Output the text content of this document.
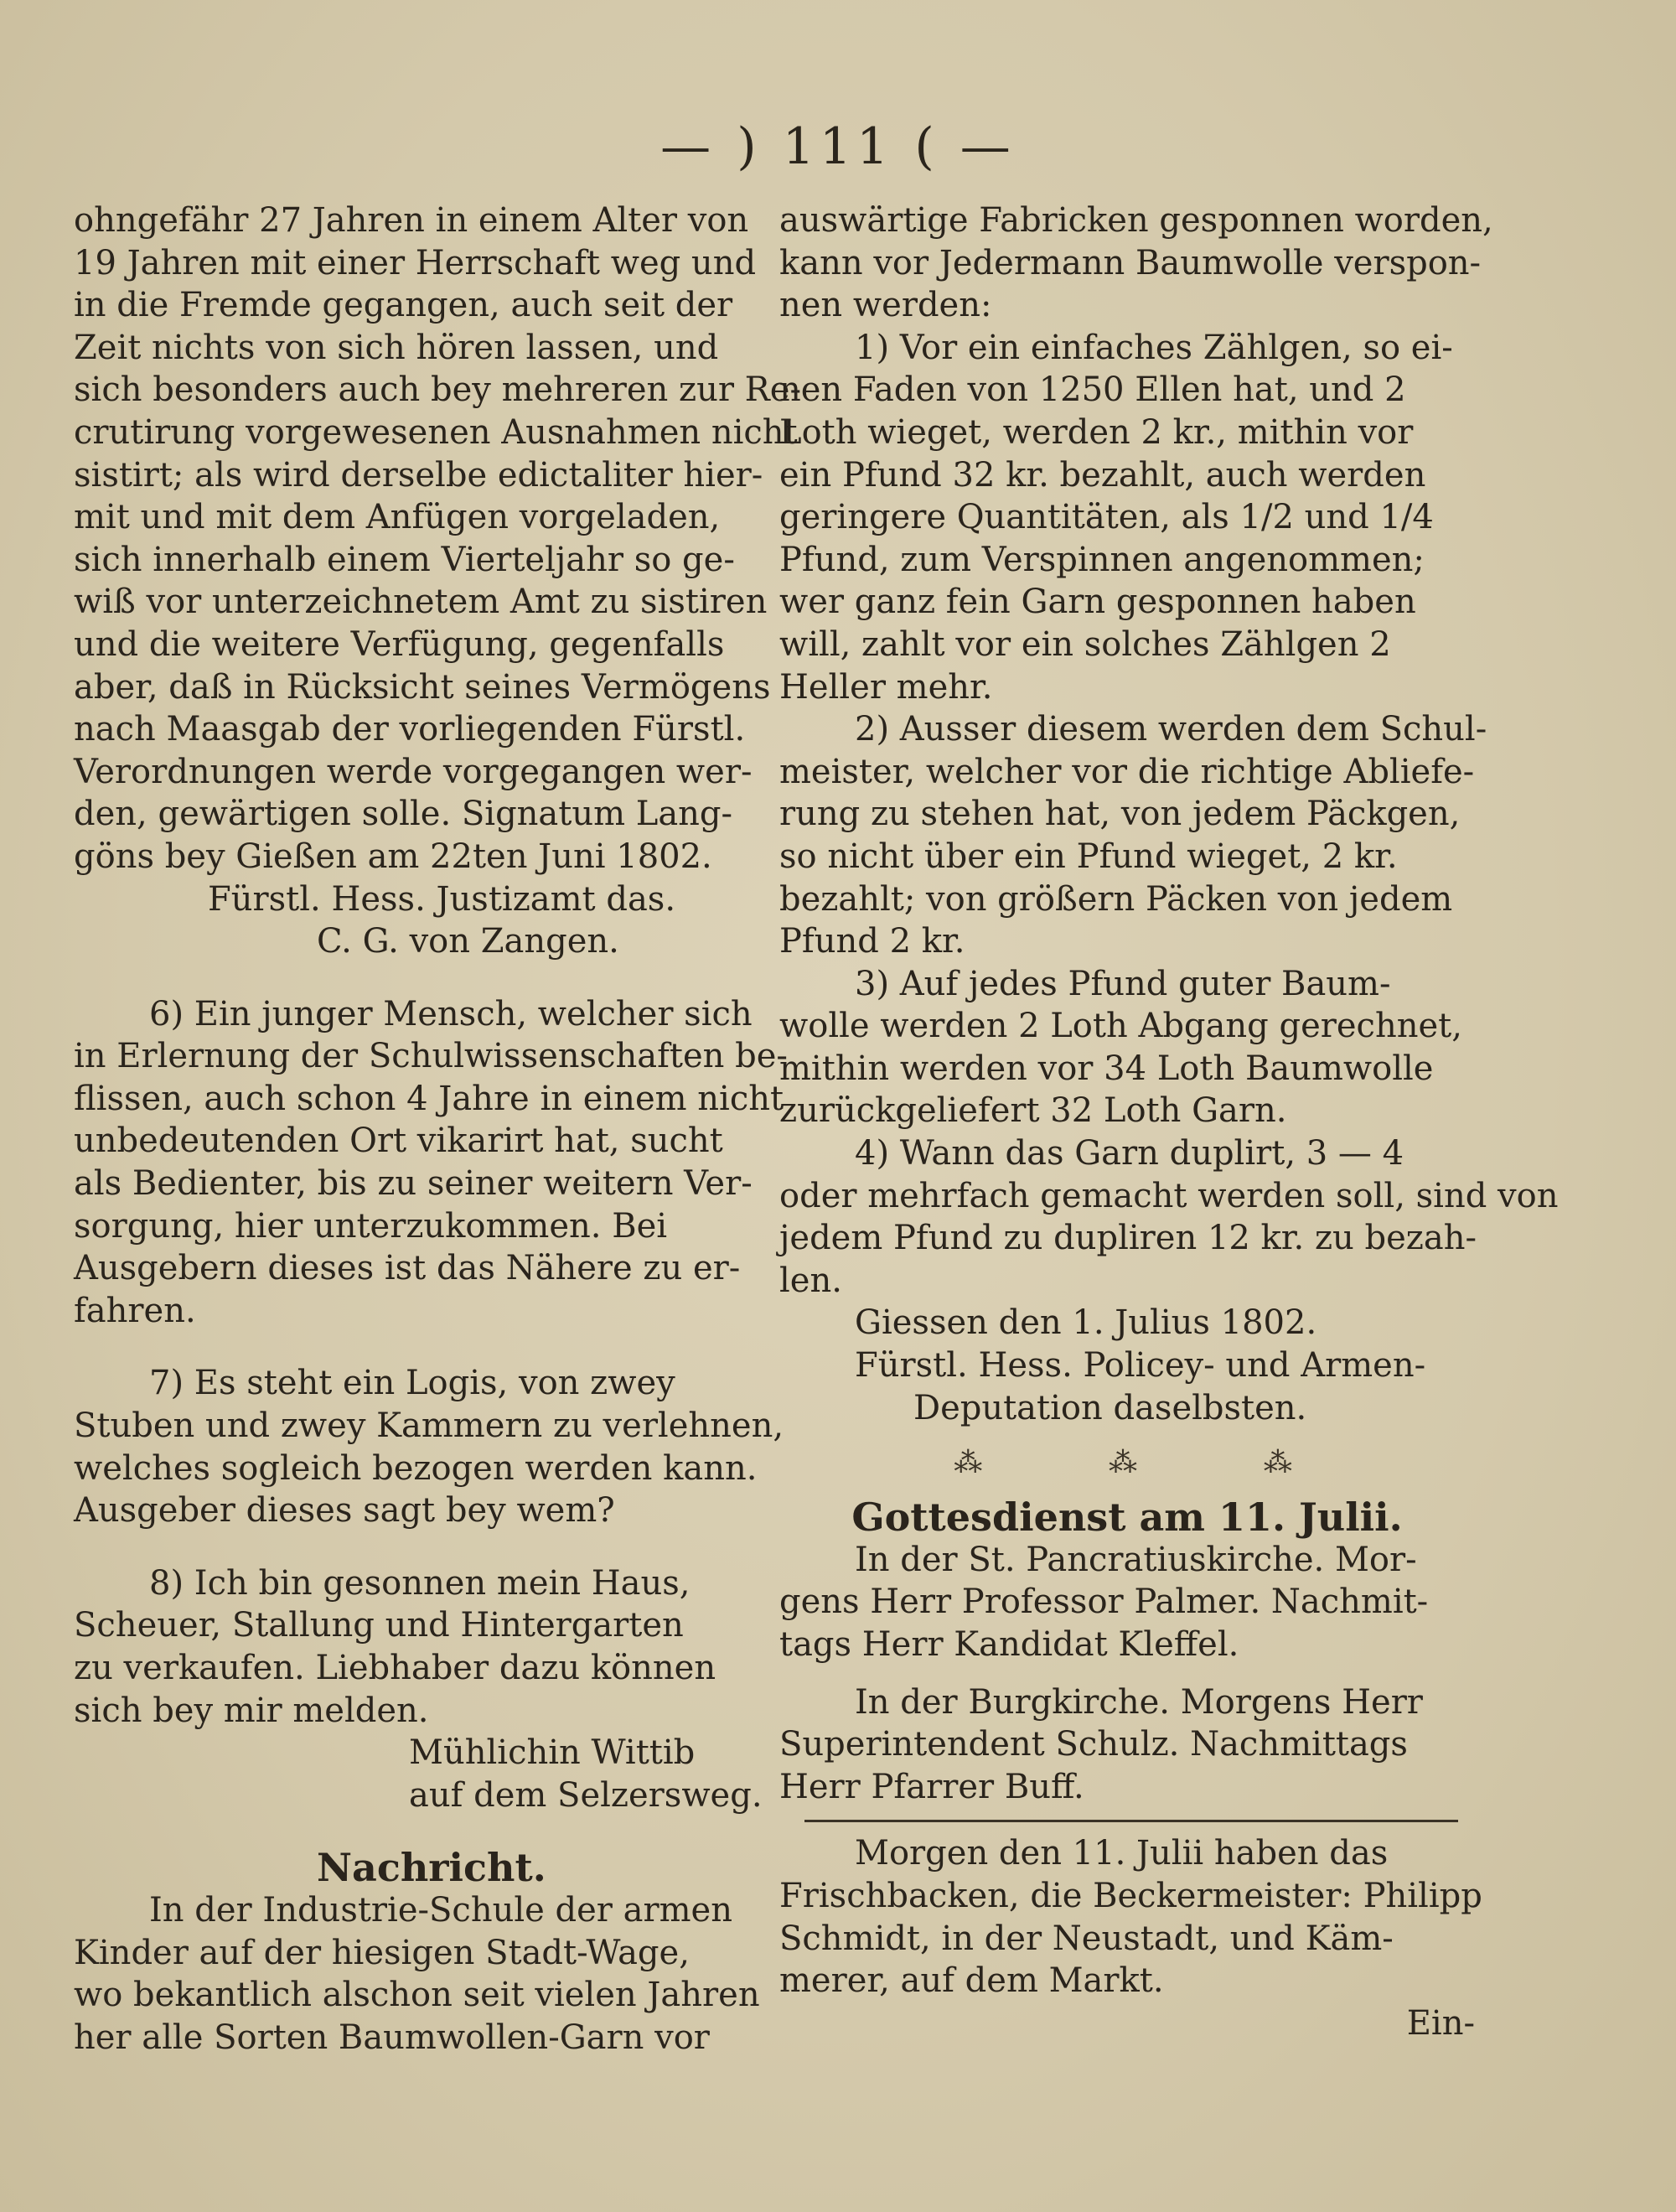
— ) 111 ( —
ohngefähr 27 Jahren in einem Alter von
19 Jahren mit einer Herrschaft weg und
in die Fremde gegangen, auch seit der
Zeit nichts von sich hören lassen, und
sich besonders auch bey mehreren zur Re-
crutirung vorgewesenen Ausnahmen nicht
sistirt; als wird derselbe edictaliter hier-
mit und mit dem Anfügen vorgeladen,
sich innerhalb einem Vierteljahr so ge-
wiß vor unterzeichnetem Amt zu sistiren
und die weitere Verfügung, gegenfalls
aber, daß in Rücksicht seines Vermögens
nach Maasgab der vorliegenden Fürstl.
Verordnungen werde vorgegangen wer-
den, gewärtigen solle. Signatum Lang-
göns bey Gießen am 22ten Juni 1802.
Fürstl. Hess. Justizamt das.
C. G. von Zangen.
6) Ein junger Mensch, welcher sich
in Erlernung der Schulwissenschaften be-
flissen, auch schon 4 Jahre in einem nicht
unbedeutenden Ort vikarirt hat, sucht
als Bedienter, bis zu seiner weitern Ver-
sorgung, hier unterzukommen. Bei
Ausgebern dieses ist das Nähere zu er-
fahren.
7) Es steht ein Logis, von zwey
Stuben und zwey Kammern zu verlehnen,
welches sogleich bezogen werden kann.
Ausgeber dieses sagt bey wem?
8) Ich bin gesonnen mein Haus,
Scheuer, Stallung und Hintergarten
zu verkaufen. Liebhaber dazu können
sich bey mir melden.
Mühlichin Wittib
auf dem Selzersweg.
Nachricht.
In der Industrie-Schule der armen
Kinder auf der hiesigen Stadt-Wage,
wo bekantlich alschon seit vielen Jahren
her alle Sorten Baumwollen-Garn vor
auswärtige Fabricken gesponnen worden,
kann vor Jedermann Baumwolle verspon-
nen werden:
1) Vor ein einfaches Zählgen, so ei-
nen Faden von 1250 Ellen hat, und 2
Loth wieget, werden 2 kr., mithin vor
ein Pfund 32 kr. bezahlt, auch werden
geringere Quantitäten, als 1/2 und 1/4
Pfund, zum Verspinnen angenommen;
wer ganz fein Garn gesponnen haben
will, zahlt vor ein solches Zählgen 2
Heller mehr.
2) Ausser diesem werden dem Schul-
meister, welcher vor die richtige Abliefe-
rung zu stehen hat, von jedem Päckgen,
so nicht über ein Pfund wieget, 2 kr.
bezahlt; von größern Päcken von jedem
Pfund 2 kr.
3) Auf jedes Pfund guter Baum-
wolle werden 2 Loth Abgang gerechnet,
mithin werden vor 34 Loth Baumwolle
zurückgeliefert 32 Loth Garn.
4) Wann das Garn duplirt, 3 — 4
oder mehrfach gemacht werden soll, sind von
jedem Pfund zu dupliren 12 kr. zu bezah-
len.
Giessen den 1. Julius 1802.
Fürstl. Hess. Policey- und Armen-
Deputation daselbsten.
⁂	⁂	⁂
Gottesdienst am 11. Julii.
In der St. Pancratiuskirche. Mor-
gens Herr Professor Palmer. Nachmit-
tags Herr Kandidat Kleffel.
In der Burgkirche. Morgens Herr
Superintendent Schulz. Nachmittags
Herr Pfarrer Buff.
Morgen den 11. Julii haben das
Frischbacken, die Beckermeister: Philipp
Schmidt, in der Neustadt, und Käm-
merer, auf dem Markt.
Ein-
